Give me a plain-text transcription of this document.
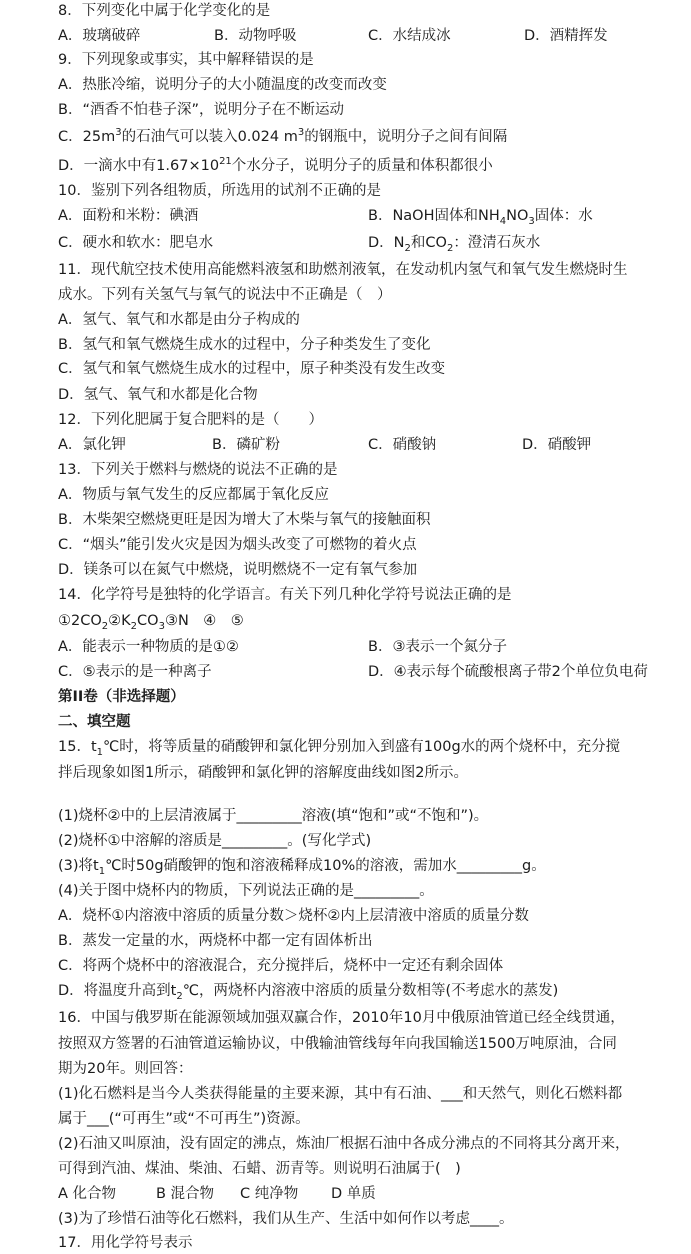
8．下列变化中属于化学变化的是
A．玻璃破碎	B．动物呼吸	C．水结成冰	D．酒精挥发
9．下列现象或事实，其中解释错误的是
A．热胀冷缩，说明分子的大小随温度的改变而改变
B．“酒香不怕巷子深”，说明分子在不断运动
C．$25m^3$的石油气可以装入0.024 $m^3$的钢瓶中，说明分子之间有间隔
D．一滴水中有$1.67\times 10^{21}$个水分子，说明分子的质量和体积都很小
10．鉴别下列各组物质，所选用的试剂不正确的是
A．面粉和米粉：碘酒	B．NaOH固体和$NH_4NO_3$固体：水
C．硬水和软水：肥皂水	D．$N_2$和$CO_2$：澄清石灰水
11．现代航空技术使用高能燃料液氢和助燃剂液氧，在发动机内氢气和氧气发生燃烧时生
成水。下列有关氢气与氧气的说法中不正确是（　）
A．氢气、氧气和水都是由分子构成的
B．氢气和氧气燃烧生成水的过程中，分子种类发生了变化
C．氢气和氧气燃烧生成水的过程中，原子种类没有发生改变
D．氢气、氧气和水都是化合物
12．下列化肥属于复合肥料的是（　　）
A．氯化钾	B．磷矿粉	C．硝酸钠	D．硝酸钾
13．下列关于燃料与燃烧的说法不正确的是
A．物质与氧气发生的反应都属于氧化反应
B．木柴架空燃烧更旺是因为增大了木柴与氧气的接触面积
C．“烟头”能引发火灾是因为烟头改变了可燃物的着火点
D．镁条可以在氮气中燃烧，说明燃烧不一定有氧气参加
14．化学符号是独特的化学语言。有关下列几种化学符号说法正确的是
$①2CO_2②K_2CO_3③N$　④　⑤
A．能表示一种物质的是①②	B．③表示一个氮分子
C．⑤表示的是一种离子	D．④表示每个硫酸根离子带2个单位负电荷
第II卷（非选择题）
二、填空题
15．$t_1℃$时，将等质量的硝酸钾和氯化钾分别加入到盛有100g水的两个烧杯中，充分搅
拌后现象如图1所示，硝酸钾和氯化钾的溶解度曲线如图2所示。
(1)烧杯②中的上层清液属于_________溶液(填“饱和”或“不饱和”)。
(2)烧杯①中溶解的溶质是_________。(写化学式)
(3)将$t_1℃$时50g硝酸钾的饱和溶液稀释成10%的溶液，需加水_________g。
(4)关于图中烧杯内的物质，下列说法正确的是_________。
A．烧杯①内溶液中溶质的质量分数＞烧杯②内上层清液中溶质的质量分数
B．蒸发一定量的水，两烧杯中都一定有固体析出
C．将两个烧杯中的溶液混合，充分搅拌后，烧杯中一定还有剩余固体
D．将温度升高到$t_2℃$，两烧杯内溶液中溶质的质量分数相等(不考虑水的蒸发)
16．中国与俄罗斯在能源领域加强双赢合作，2010年10月中俄原油管道已经全线贯通，
按照双方签署的石油管道运输协议，中俄输油管线每年向我国输送1500万吨原油，合同
期为20年。则回答：
(1)化石燃料是当今人类获得能量的主要来源，其中有石油、___和天然气，则化石燃料都
属于___(“可再生”或“不可再生”)资源。
(2)石油又叫原油，没有固定的沸点，炼油厂根据石油中各成分沸点的不同将其分离开来，
可得到汽油、煤油、柴油、石蜡、沥青等。则说明石油属于(　)
A 化合物	B 混合物 C 纯净物 D 单质
(3)为了珍惜石油等化石燃料，我们从生产、生活中如何作以考虑____。
17．用化学符号表示
